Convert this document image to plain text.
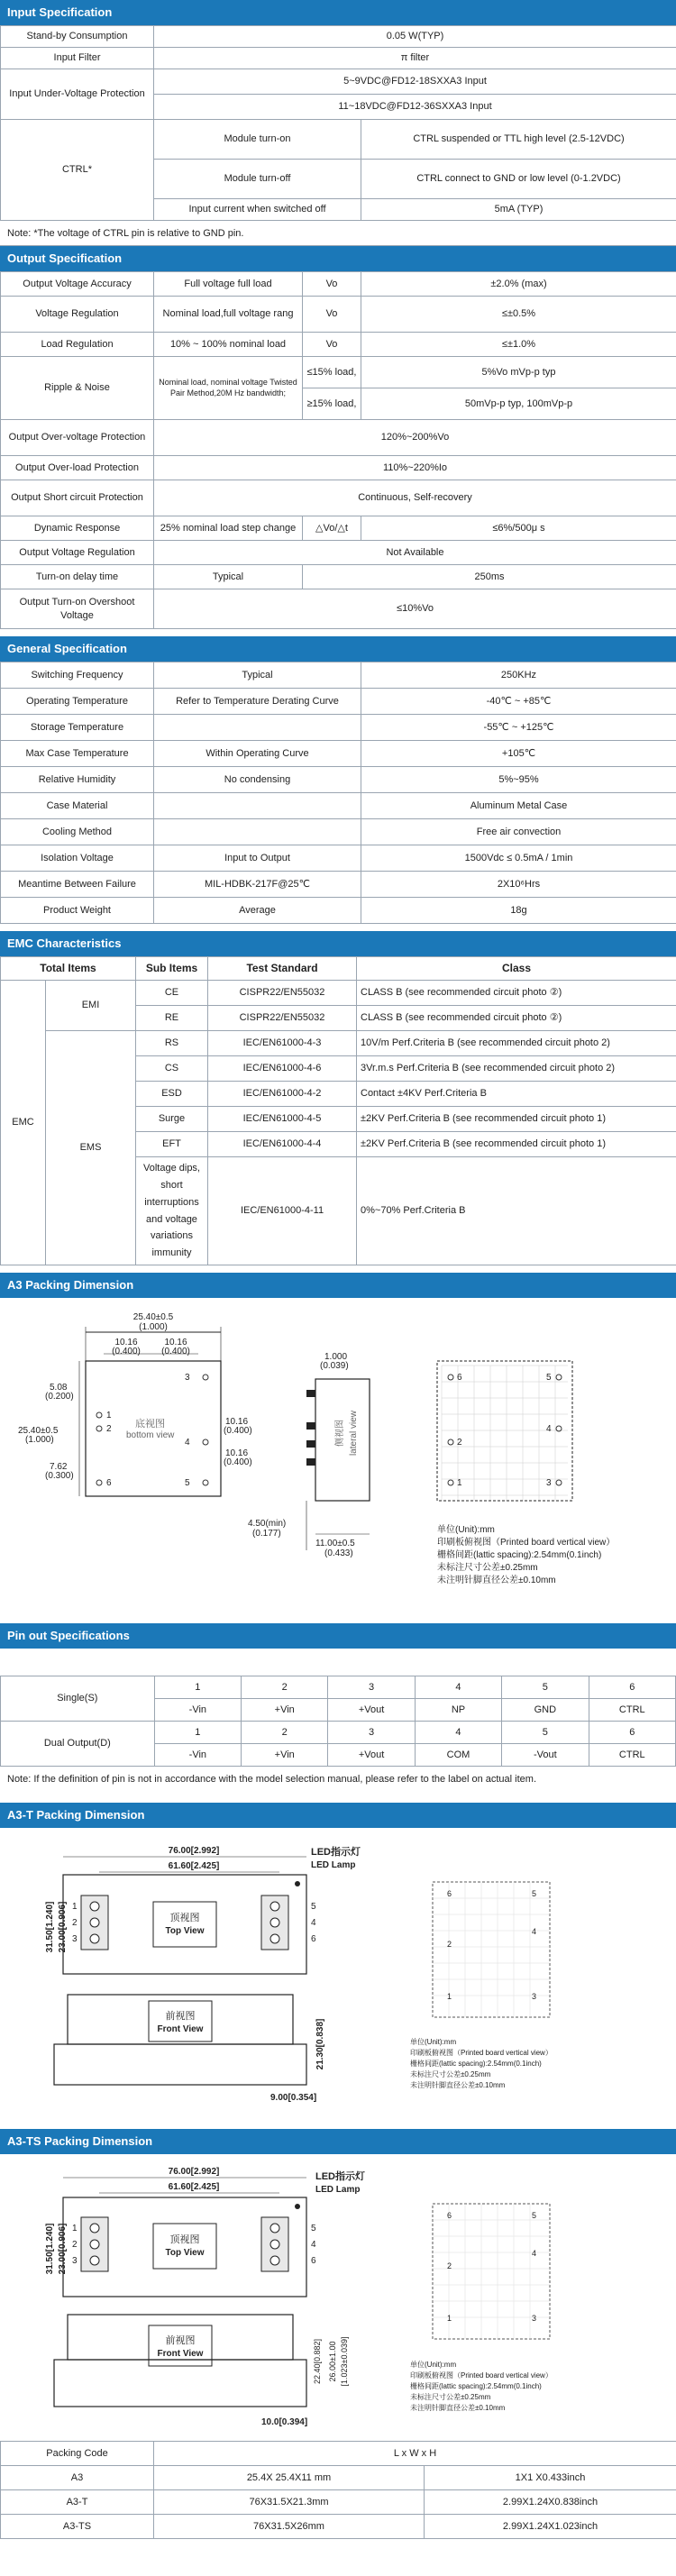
Input Specification
Stand-by Consumption	0.05 W(TYP)	
Input Filter	π filter	
Input Under-Voltage Protection	5~9VDC@FD12-18SXXA3 Input	
	11~18VDC@FD12-36SXXA3 Input	
CTRL*	Module turn-on	CTRL suspended or TTL high level (2.5-12VDC)
	Module turn-off	CTRL connect to GND or low level (0-1.2VDC)
	Input current when switched off	5mA (TYP)
Note: *The voltage of CTRL pin is relative to GND pin.
Output Specification
Output Voltage Accuracy	Full voltage full load	Vo	±2.0% (max)
Voltage Regulation	Nominal load,full voltage rang	Vo	≤±0.5%
Load Regulation	10% ~ 100% nominal load	Vo	≤±1.0%
Ripple & Noise	Nominal load, nominal voltage Twisted Pair Method,20M Hz bandwidth;	≤15% load,	5%Vo mVp-p typ
		≥15% load,	50mVp-p typ, 100mVp-p
Output Over-voltage Protection	120%~200%Vo		
Output Over-load Protection	110%~220%Io		
Output Short circuit Protection	Continuous, Self-recovery		
Dynamic Response	25% nominal load step change	△Vo/△t	≤6%/500μ s
Output Voltage Regulation	Not Available		
Turn-on delay time	Typical	250ms	
Output Turn-on Overshoot Voltage	≤10%Vo		
General Specification
Switching Frequency	Typical	250KHz
Operating Temperature	Refer to Temperature Derating Curve	-40℃ ~ +85℃
Storage Temperature		-55℃ ~ +125℃
Max Case Temperature	Within Operating Curve	+105℃
Relative Humidity	No condensing	5%~95%
Case Material		Aluminum Metal Case
Cooling Method		Free air convection
Isolation Voltage	Input to Output	1500Vdc ≤ 0.5mA / 1min
Meantime Between Failure	MIL-HDBK-217F@25℃	2X10⁶Hrs
Product Weight	Average	18g
EMC Characteristics
Total Items		Sub Items	Test Standard	Class
EMC	EMI	CE	CISPR22/EN55032	CLASS B (see recommended circuit photo ②)
		RE	CISPR22/EN55032	CLASS B (see recommended circuit photo ②)
	EMS	RS	IEC/EN61000-4-3	10V/m Perf.Criteria B (see recommended circuit photo 2)
		CS	IEC/EN61000-4-6	3Vr.m.s Perf.Criteria B (see recommended circuit photo 2)
		ESD	IEC/EN61000-4-2	Contact ±4KV Perf.Criteria B
		Surge	IEC/EN61000-4-5	±2KV Perf.Criteria B (see recommended circuit photo 1)
		EFT	IEC/EN61000-4-4	±2KV Perf.Criteria B (see recommended circuit photo 1)
		Voltage dips, short interruptions and voltage variations immunity	IEC/EN61000-4-11	0%~70% Perf.Criteria B
A3 Packing Dimension
25.40±0.5
(1.000)
10.16
(0.400)
10.16
(0.400)
5.08
(0.200)
25.40±0.5
(1.000)
7.62
(0.300)
底视图
bottom view
1
2
3
4
5
6
10.16
(0.400)
10.16
(0.400)
侧视图 lateral view
1.000
(0.039)
4.50(min)
(0.177)
11.00±0.5
(0.433)
6
2
1
5
4
3
单位(Unit):mm
印刷板俯视图（Printed board vertical view）
栅格间距(lattic spacing):2.54mm(0.1inch)
未标注尺寸公差±0.25mm
未注明针脚直径公差±0.10mm
Pin out Specifications
Single(S)	1	2	3	4	5	6
	-Vin	+Vin	+Vout	NP	GND	CTRL
Dual Output(D)	1	2	3	4	5	6
	-Vin	+Vin	+Vout	COM	-Vout	CTRL
Note: If the definition of pin is not in accordance with the model selection manual, please refer to the label on actual item.
A3-T Packing Dimension
76.00[2.992]
61.60[2.425]
顶视图
Top View
1
2
3
5
4
6
LED指示灯
LED Lamp
31.50[1.240] 23.00[0.906]
前视图
Front View	21.30[0.838]
9.00[0.354]
6
2
1
5
4
3
单位(Unit):mm
印刷板俯视图（Printed board vertical view）
栅格间距(lattic spacing):2.54mm(0.1inch)
未标注尺寸公差±0.25mm
未注明针脚直径公差±0.10mm
A3-TS Packing Dimension
76.00[2.992]
61.60[2.425]
顶视图
Top View
1
2
3
5
4
6
LED指示灯
LED Lamp
31.50[1.240] 23.00[0.906]
前视图
Front View	22.40[0.882] 26.00±1.00 [1.023±0.039]
10.0[0.394]
6
2
1
5
4
3
单位(Unit):mm
印刷板俯视图（Printed board vertical view）
栅格间距(lattic spacing):2.54mm(0.1inch)
未标注尺寸公差±0.25mm
未注明针脚直径公差±0.10mm
Packing Code	L x W x H	
A3	25.4X 25.4X11 mm	1X1 X0.433inch
A3-T	76X31.5X21.3mm	2.99X1.24X0.838inch
A3-TS	76X31.5X26mm	2.99X1.24X1.023inch
